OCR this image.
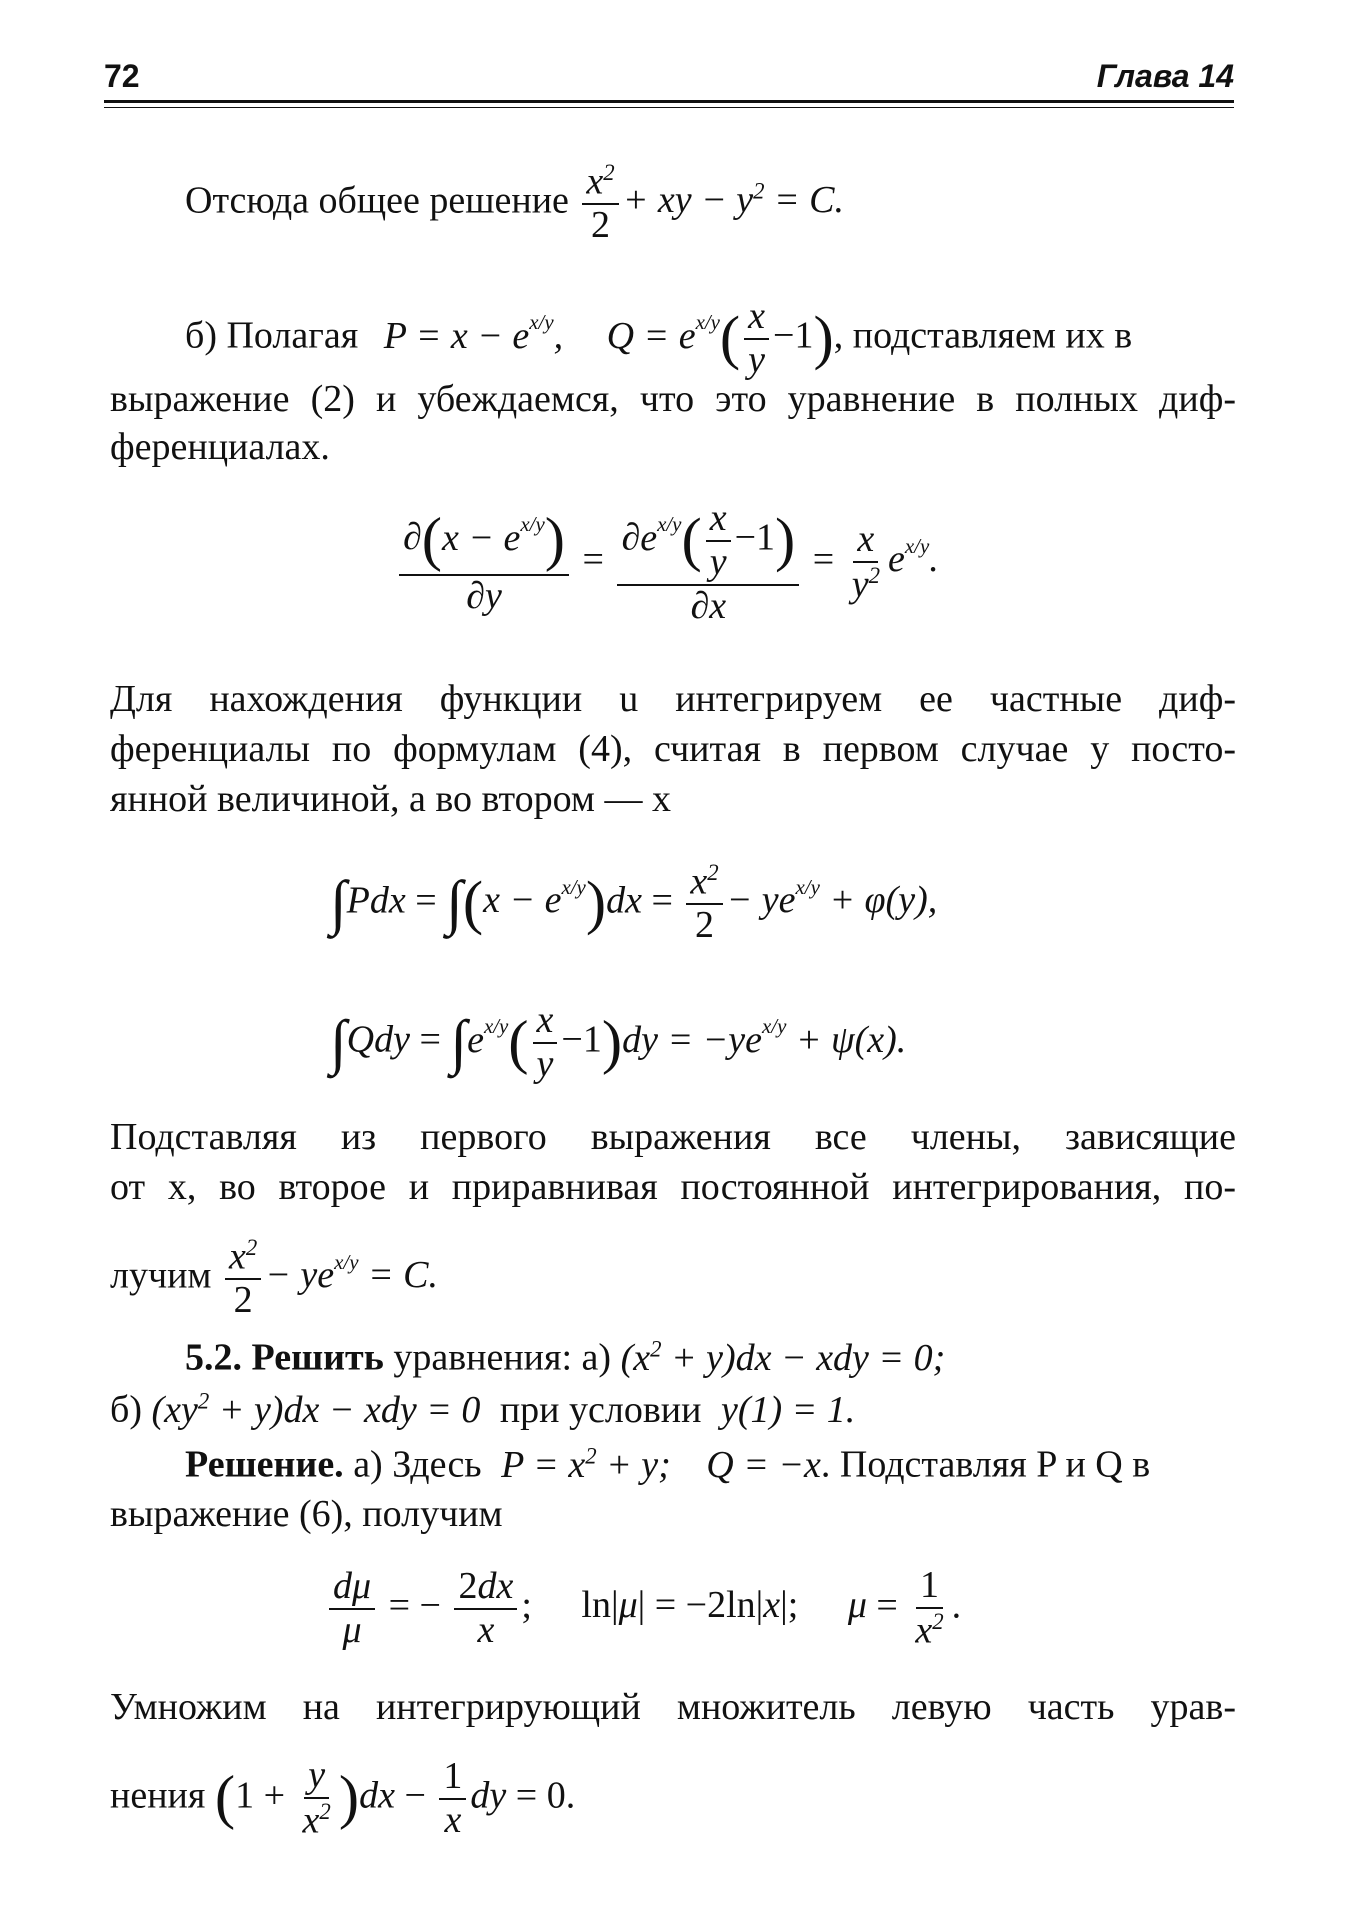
72	Глава 14
Отсюда общее решение $\frac{x^2}{2}$ + xy − $y^2 = C$.
б) Полагая $P = x - e^{x/y}$, $Q = e^{x/y}( \frac{x}{y} -1)$, подставляем их в
выражение (2) и убеждаемся, что это уравнение в полных диф-
ференциалах.
$\frac{\partial(x - e^{x/y})}{\partial y} = \frac{\partial e^{x/y}( \frac{x}{y} -1)}{\partial x} = \frac{x}{y^2} e^{x/y}$.
Для нахождения функции u интегрируем ее частные диф-
ференциалы по формулам (4), считая в первом случае y посто-
янной величиной, а во втором — x
$\int Pdx = \int(x - e^{x/y})dx = \frac{x^2}{2} - ye^{x/y} + \varphi(y)$,
$\int Qdy = \int e^{x/y}( \frac{x}{y} -1)dy = -ye^{x/y} + \psi(x)$.
Подставляя из первого выражения все члены, зависящие
от x, во второе и приравнивая постоянной интегрирования, по-
лучим $\frac{x^2}{2} - ye^{x/y} = C$.
5.2. Решить уравнения: а) $(x^2 + y)dx$ − xdy = 0;
б) $(xy^2 + y)dx$ − xdy = 0 при условии y(1) = 1.
Решение. а) Здесь $P = x^2 + y$; Q = −x. Подставляя P и Q в
выражение (6), получим
$\frac{d\mu}{\mu}$ = − $\frac{2dx}{x}$ ; ln|μ| = −2ln|x|; $\mu = \frac{1}{x^2}$ .
Умножим на интегрирующий множитель левую часть урав-
нения $(1 + \frac{y}{x^2} )dx - \frac{1}{x}$ dy = 0.
